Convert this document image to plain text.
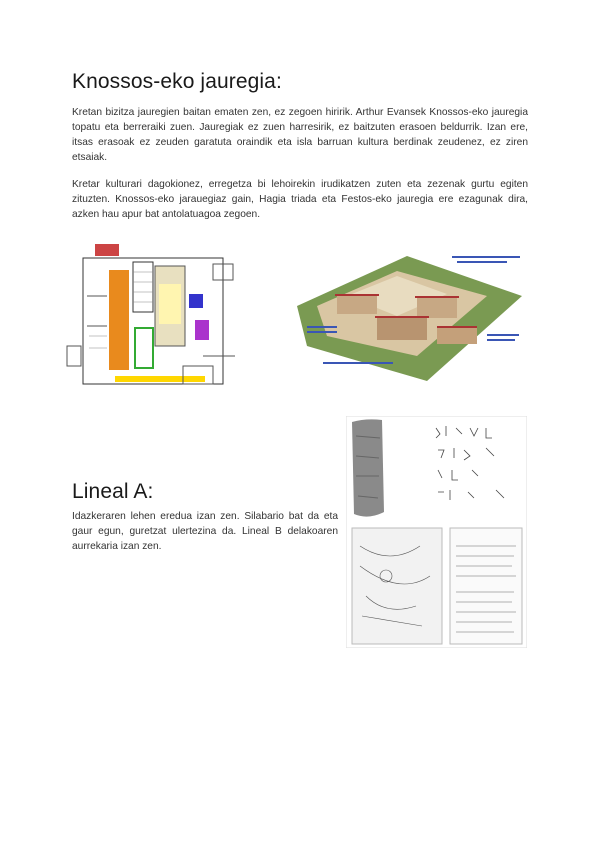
Knossos-eko jauregia:

Kretan bizitza jauregien baitan ematen zen, ez zegoen hiririk. Arthur Evansek Knossos-eko jauregia topatu eta berreraiki zuen. Jauregiak ez zuen harresirik, ez baitzuten erasoen beldurrik. Izan ere, itsas erasoak ez zeuden garatuta oraindik eta isla barruan kultura berdinak zeudenez, ez ziren etsaiak.

Kretar kulturari dagokionez, erregetza bi lehoirekin irudikatzen zuten eta zezenak gurtu egiten zituzten. Knossos-eko jarauegiaz gain, Hagia triada eta Festos-eko jauregia ere ezagunak dira, azken hau apur bat antolatuagoa zegoen.

Lineal A:

Idazkeraren lehen eredua izan zen. Silabario bat da eta gaur egun, guretzat ulertezina da. Lineal B delakoaren aurrekaria izan zen.
